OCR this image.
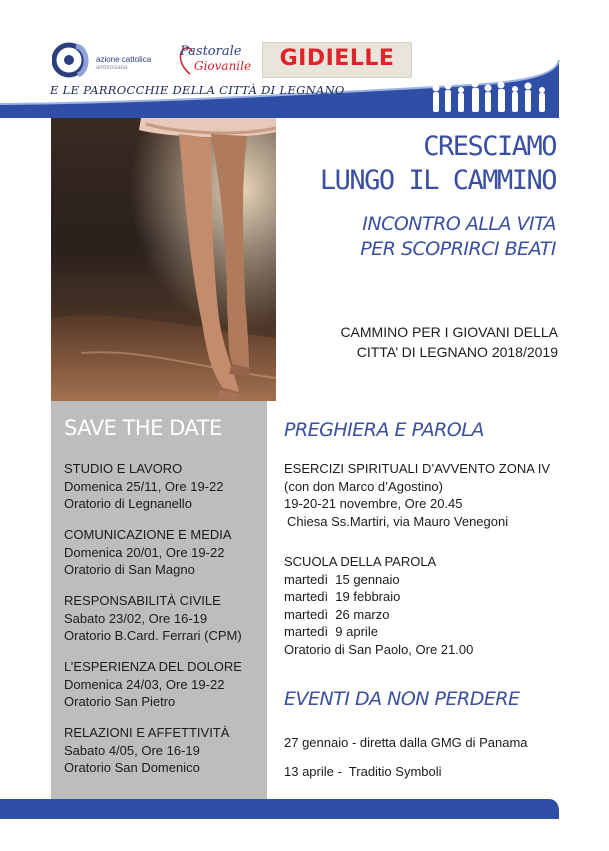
azione cattolica
ambrosiana
Pastorale
Giovanile	GIDIELLE
E LE PARROCCHIE DELLA CITTÀ DI LEGNANO
CRESCIAMO
LUNGO IL CAMMINO
INCONTRO ALLA VITA
PER SCOPRIRCI BEATI
CAMMINO PER I GIOVANI DELLA
CITTA’ DI LEGNANO 2018/2019
SAVE THE DATE
STUDIO E LAVORO
Domenica 25/11, Ore 19-22
Oratorio di Legnanello
COMUNICAZIONE E MEDIA
Domenica 20/01, Ore 19-22
Oratorio di San Magno
RESPONSABILITÀ CIVILE
Sabato 23/02, Ore 16-19
Oratorio B.Card. Ferrari (CPM)
L’ESPERIENZA DEL DOLORE
Domenica 24/03, Ore 19-22
Oratorio San Pietro
RELAZIONI E AFFETTIVITÀ
Sabato 4/05, Ore 16-19
Oratorio San Domenico
PREGHIERA E PAROLA
ESERCIZI SPIRITUALI D’AVVENTO ZONA IV
(con don Marco d’Agostino)
19-20-21 novembre, Ore 20.45
Chiesa Ss.Martiri, via Mauro Venegoni
SCUOLA DELLA PAROLA
martedì  15 gennaio
martedì  19 febbraio
martedì  26 marzo
martedì  9 aprile
Oratorio di San Paolo, Ore 21.00
EVENTI DA NON PERDERE
27 gennaio - diretta dalla GMG di Panama
13 aprile -  Traditio Symboli
